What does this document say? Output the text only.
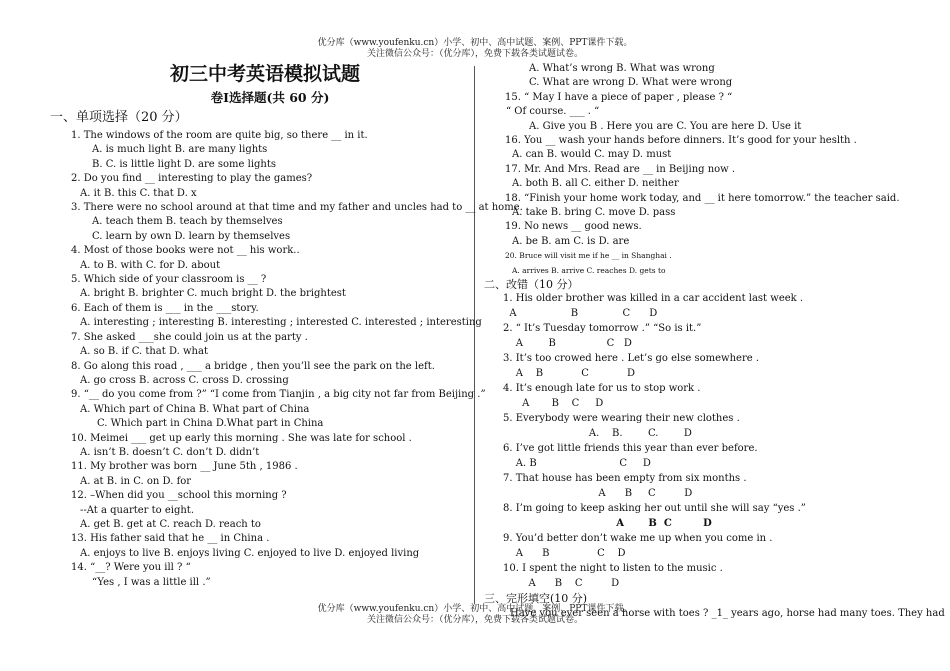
优分库（www.youfenku.cn）小学、初中、高中试题、案例、PPT课件下载。
关注微信公众号：（优分库），免费下载各类试题试卷。
初三中考英语模拟试题
卷I选择题(共 60 分)
一、单项选择（20 分）
1. The windows of the room are quite big, so there __ in it.
A. is much light B. are many lights
B. C. is little light D. are some lights
2. Do you find __ interesting to play the games?
A. it B. this C. that D. x
3. There were no school around at that time and my father and uncles had to __ at home.
A. teach them B. teach by themselves
C. learn by own D. learn by themselves
4. Most of those books were not __ his work..
A. to B. with C. for D. about
5. Which side of your classroom is __ ?
A. bright B. brighter C. much bright D. the brightest
6. Each of them is ___ in the ___story.
A. interesting ; interesting B. interesting ; interested C. interested ; interesting
7. She asked ___she could join us at the party .
A. so B. if C. that D. what
8. Go along this road , ___ a bridge , then you’ll see the park on the left.
A. go cross B. across C. cross D. crossing
9. “__ do you come from ?” “I come from Tianjin , a big city not far from Beijing .”
A. Which part of China B. What part of China
C. Which part in China D.What part in China
10. Meimei ___ get up early this morning . She was late for school .
A. isn’t B. doesn’t C. don’t D. didn’t
11. My brother was born __ June 5th , 1986 .
A. at B. in C. on D. for
12. –When did you __school this morning ?
--At a quarter to eight.
A. get B. get at C. reach D. reach to
13. His father said that he __ in China .
A. enjoys to live B. enjoys living C. enjoyed to live D. enjoyed living
14. “__? Were you ill ? “
“Yes , I was a little ill .”
A. What’s wrong B. What was wrong
C. What are wrong D. What were wrong
15. “ May I have a piece of paper , please ? “
“ Of course. ___ . “
A. Give you B . Here you are C. You are here D. Use it
16. You __ wash your hands before dinners. It’s good for your heslth .
A. can B. would C. may D. must
17. Mr. And Mrs. Read are __ in Beijing now .
A. both B. all C. either D. neither
18. “Finish your home work today, and __ it here tomorrow.” the teacher said.
A. take B. bring C. move D. pass
19. No news __ good news.
A. be B. am C. is D. are
20. Bruce will visit me if he __ in Shanghai .
A. arrives B. arrive C. reaches D. gets to
二、改错（10 分）
1. His older brother was killed in a car accident last week .
A                 B              C      D
2. “ It’s Tuesday tomorrow .” “So is it.”
A        B                C   D
3. It’s too crowed here . Let’s go else somewhere .
A    B            C            D
4. It’s enough late for us to stop work .
A       B    C     D
5. Everybody were wearing their new clothes .
A.    B.        C.        D
6. I’ve got little friends this year than ever before.
A. B                          C     D
7. That house has been empty from six months .
A      B     C         D
8. I’m going to keep asking her out until she will say “yes .”
A       B  C         D
9. You’d better don’t wake me up when you come in .
A      B               C    D
10. I spent the night to listen to the music .
A      B    C         D
三、完形填空(10 分)
Have you ever seen a horse with toes ? _1_ years ago, horse had many toes. They had
优分库（www.youfenku.cn）小学、初中、高中试题、案例、PPT课件下载。
关注微信公众号：（优分库），免费下载各类试题试卷。
